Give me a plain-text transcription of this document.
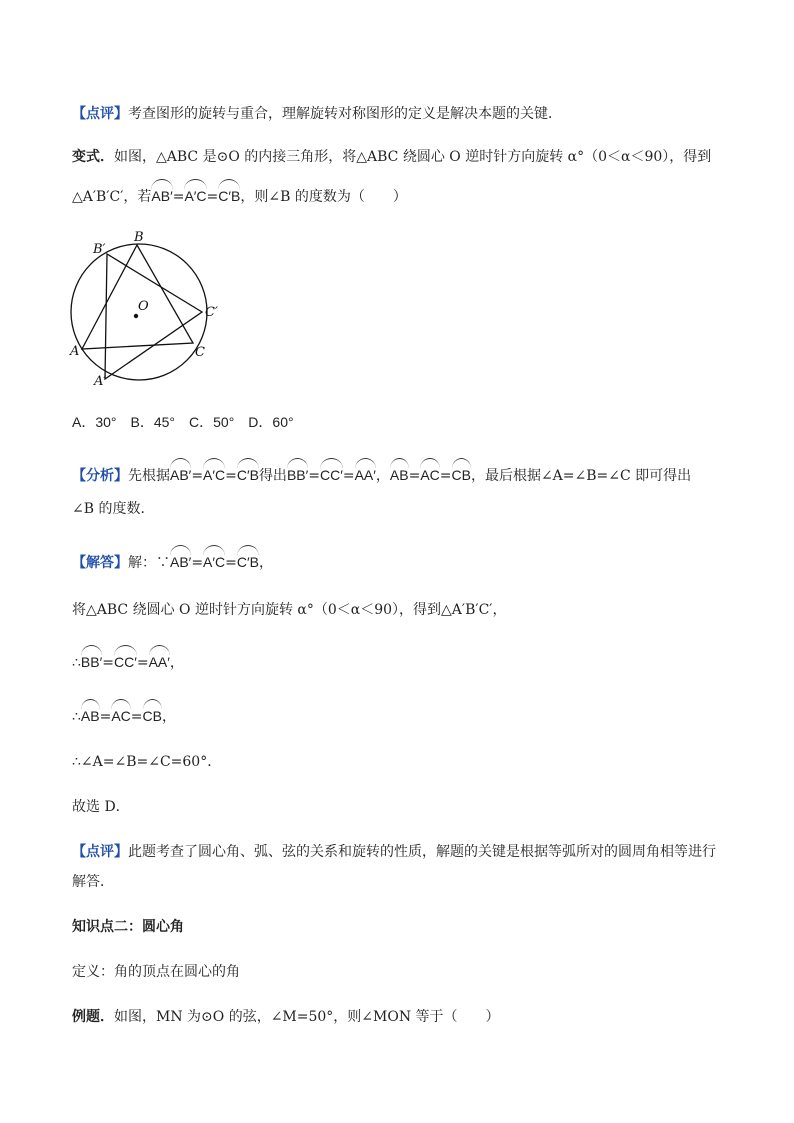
【点评】考查图形的旋转与重合，理解旋转对称图形的定义是解决本题的关键．
变式．如图，△ABC 是⊙O 的内接三角形，将△ABC 绕圆心 O 逆时针方向旋转 α°（0＜α＜90），得到
△A′B′C′，若AB′=A′C=C′B，则∠B 的度数为（　　）
B′
B
O	C′
A	C
A′
A．30°　B．45°　C．50°　D．60°
【分析】先根据AB′=A′C=C′B得出BB′=CC′=AA′，AB=AC=CB，最后根据∠A=∠B=∠C 即可得出
∠B 的度数．
【解答】解：∵AB′=A′C=C′B，
将△ABC 绕圆心 O 逆时针方向旋转 α°（0＜α＜90），得到△A′B′C′，
∴BB′=CC′=AA′，
∴AB=AC=CB，
∴∠A=∠B=∠C=60°．
故选 D．
【点评】此题考查了圆心角、弧、弦的关系和旋转的性质，解题的关键是根据等弧所对的圆周角相等进行
解答．
知识点二：圆心角
定义：角的顶点在圆心的角
例题．如图，MN 为⊙O 的弦，∠M=50°，则∠MON 等于（　　）
